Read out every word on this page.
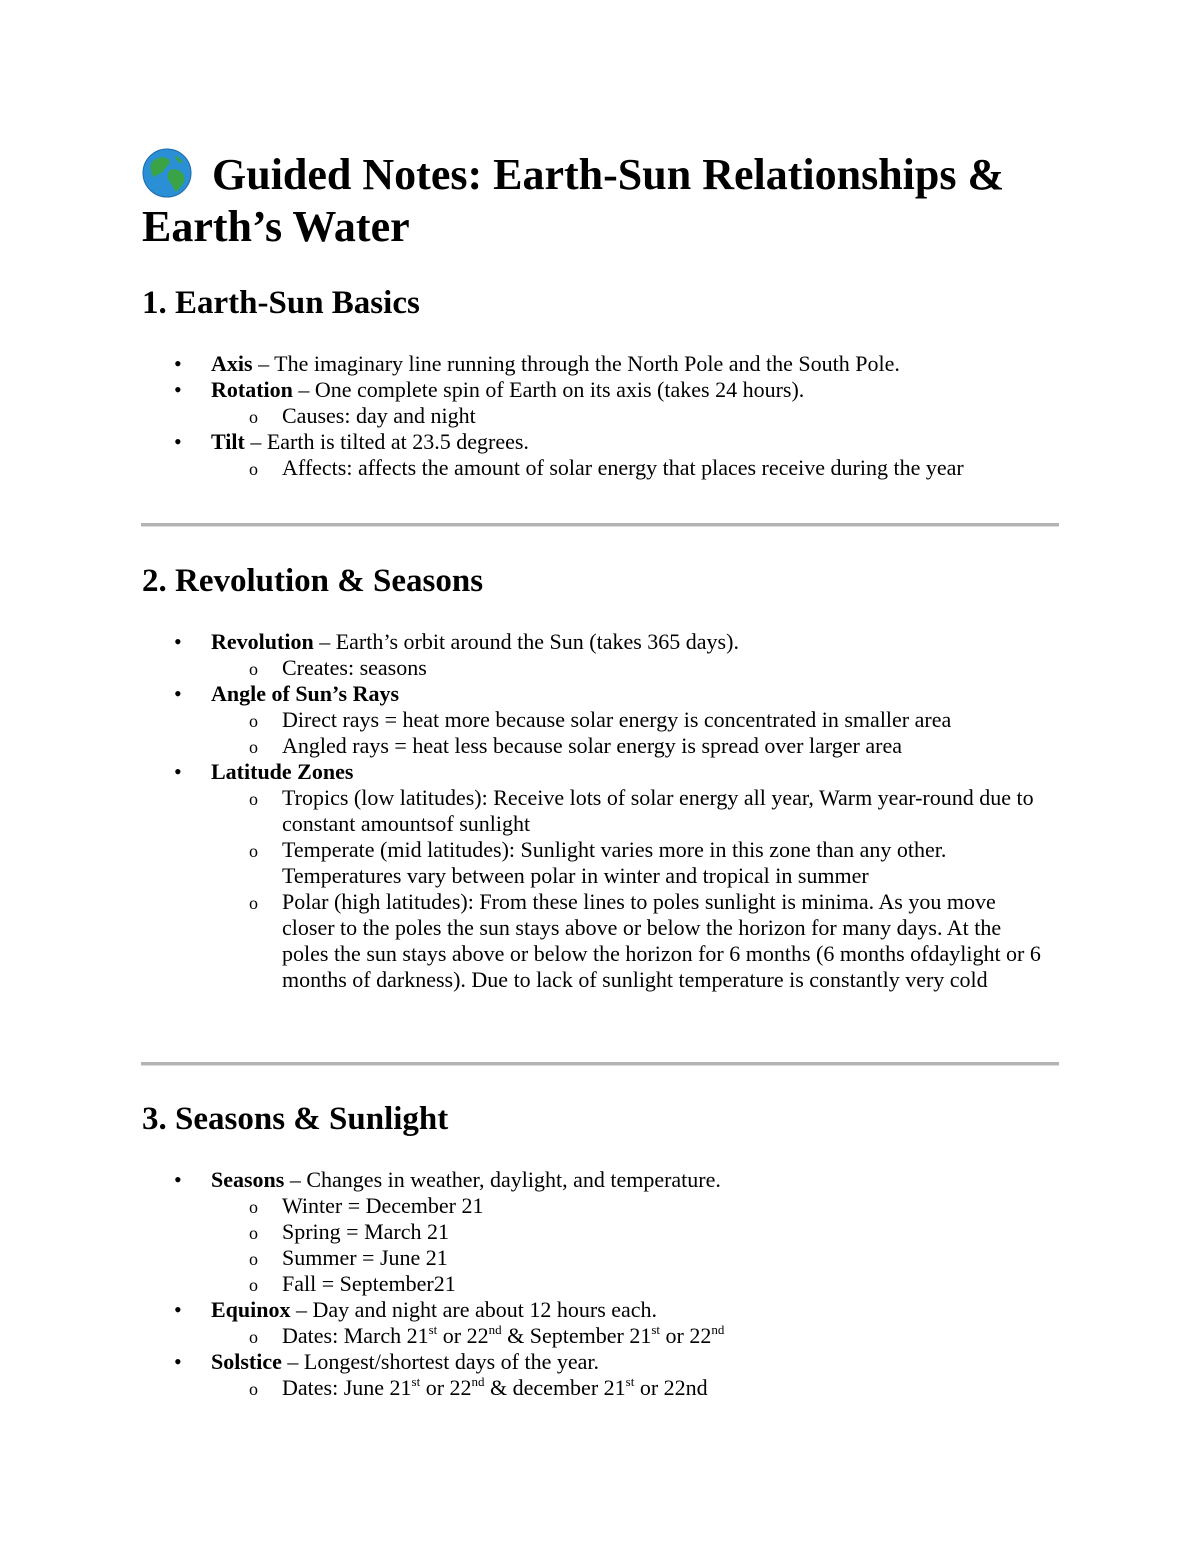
Guided Notes: Earth-Sun Relationships & Earth’s Water
1. Earth-Sun Basics
• Axis – The imaginary line running through the North Pole and the South Pole.
• Rotation – One complete spin of Earth on its axis (takes 24 hours).
o Causes: day and night
• Tilt – Earth is tilted at 23.5 degrees.
o Affects: affects the amount of solar energy that places receive during the year
2. Revolution & Seasons
• Revolution – Earth’s orbit around the Sun (takes 365 days).
o Creates: seasons
• Angle of Sun’s Rays
o Direct rays = heat more because solar energy is concentrated in smaller area
o Angled rays = heat less because solar energy is spread over larger area
• Latitude Zones
o Tropics (low latitudes): Receive lots of solar energy all year, Warm year-round due to constant amountsof sunlight
o Temperate (mid latitudes): Sunlight varies more in this zone than any other. Temperatures vary between polar in winter and tropical in summer
o Polar (high latitudes): From these lines to poles sunlight is minima. As you move closer to the poles the sun stays above or below the horizon for many days. At the poles the sun stays above or below the horizon for 6 months (6 months ofdaylight or 6 months of darkness). Due to lack of sunlight temperature is constantly very cold
3. Seasons & Sunlight
• Seasons – Changes in weather, daylight, and temperature.
o Winter = December 21
o Spring = March 21
o Summer = June 21
o Fall = September21
• Equinox – Day and night are about 12 hours each.
o Dates: March 21st or 22nd & September 21st or 22nd
• Solstice – Longest/shortest days of the year.
o Dates: June 21st or 22nd & december 21st or 22nd
